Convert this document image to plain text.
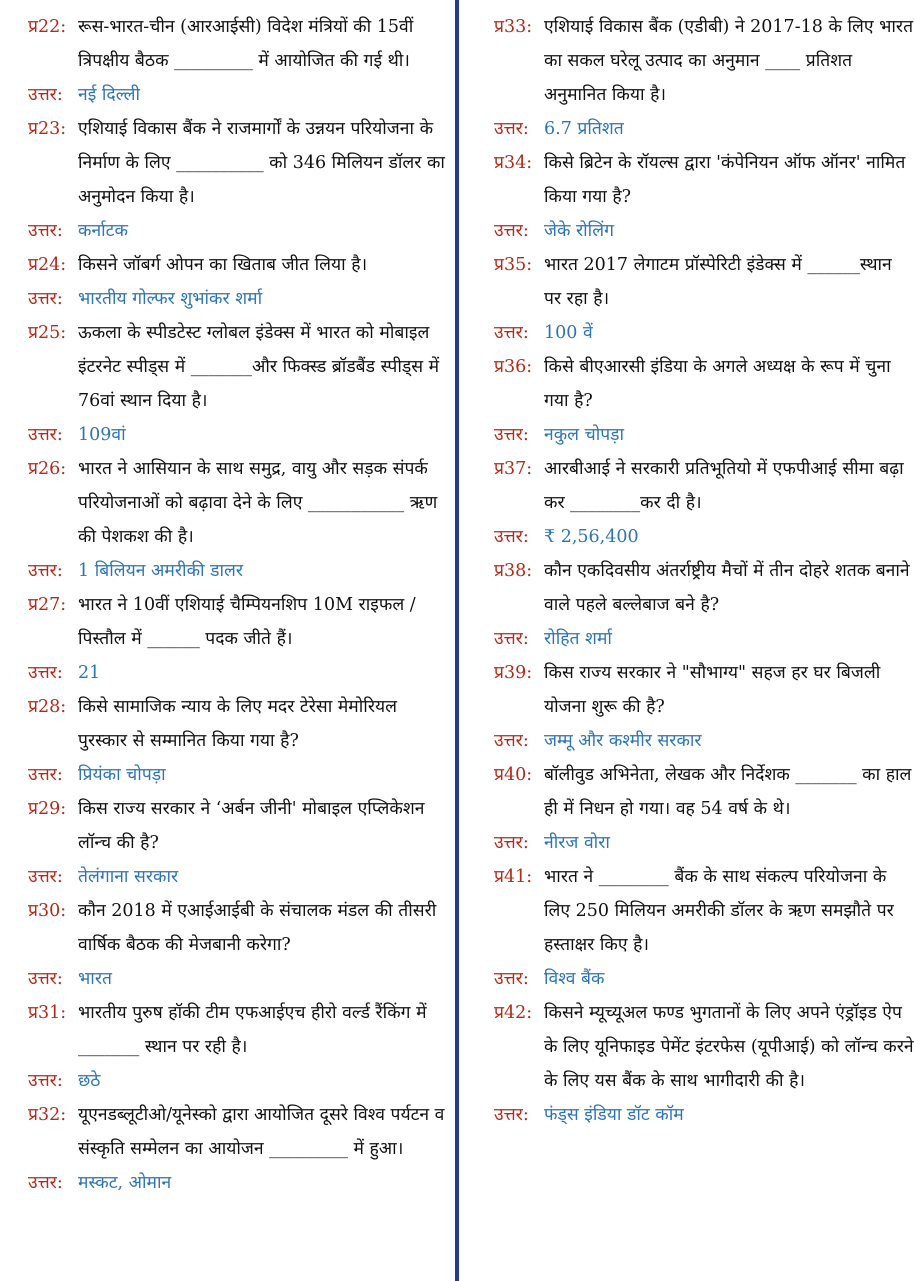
प्र22: रूस-भारत-चीन (आरआईसी) विदेश मंत्रियों की 15वीं त्रिपक्षीय बैठक _________ में आयोजित की गई थी।
उत्तर: नई दिल्ली
प्र23: एशियाई विकास बैंक ने राजमार्गों के उन्नयन परियोजना के निर्माण के लिए __________ को 346 मिलियन डॉलर का अनुमोदन किया है।
उत्तर: कर्नाटक
प्र24: किसने जॉबर्ग ओपन का खिताब जीत लिया है।
उत्तर: भारतीय गोल्फर शुभांकर शर्मा
प्र25: ऊकला के स्पीडटेस्ट ग्लोबल इंडेक्स में भारत को मोबाइल इंटरनेट स्पीड्स में _______और फिक्स्ड ब्रॉडबैंड स्पीड्स में 76वां स्थान दिया है।
उत्तर: 109वां
प्र26: भारत ने आसियान के साथ समुद्र, वायु और सड़क संपर्क परियोजनाओं को बढ़ावा देने के लिए ___________ ऋण की पेशकश की है।
उत्तर: 1 बिलियन अमरीकी डालर
प्र27: भारत ने 10वीं एशियाई चैम्पियनशिप 10M राइफल / पिस्तौल में ______ पदक जीते हैं।
उत्तर: 21
प्र28: किसे सामाजिक न्याय के लिए मदर टेरेसा मेमोरियल पुरस्कार से सम्मानित किया गया है?
उत्तर: प्रियंका चोपड़ा
प्र29: किस राज्य सरकार ने ‘अर्बन जीनी' मोबाइल एप्लिकेशन लॉन्च की है?
उत्तर: तेलंगाना सरकार
प्र30: कौन 2018 में एआईआईबी के संचालक मंडल की तीसरी वार्षिक बैठक की मेजबानी करेगा?
उत्तर: भारत
प्र31: भारतीय पुरुष हॉकी टीम एफआईएच हीरो वर्ल्ड रैंकिंग में _______ स्थान पर रही है।
उत्तर: छठे
प्र32: यूएनडब्लूटीओ/यूनेस्को द्वारा आयोजित दूसरे विश्व पर्यटन व संस्कृति सम्मेलन का आयोजन _________ में हुआ।
उत्तर: मस्कट, ओमान
प्र33: एशियाई विकास बैंक (एडीबी) ने 2017-18 के लिए भारत का सकल घरेलू उत्पाद का अनुमान ____ प्रतिशत अनुमानित किया है।
उत्तर: 6.7 प्रतिशत
प्र34: किसे ब्रिटेन के रॉयल्स द्वारा 'कंपेनियन ऑफ ऑनर' नामित किया गया है?
उत्तर: जेके रोलिंग
प्र35: भारत 2017 लेगाटम प्रॉस्पेरिटी इंडेक्स में ______स्थान पर रहा है।
उत्तर: 100 वें
प्र36: किसे बीएआरसी इंडिया के अगले अध्यक्ष के रूप में चुना गया है?
उत्तर: नकुल चोपड़ा
प्र37: आरबीआई ने सरकारी प्रतिभूतियो में एफपीआई सीमा बढ़ा कर ________कर दी है।
उत्तर: ₹ 2,56,400
प्र38: कौन एकदिवसीय अंतर्राष्ट्रीय मैचों में तीन दोहरे शतक बनाने वाले पहले बल्लेबाज बने है?
उत्तर: रोहित शर्मा
प्र39: किस राज्य सरकार ने "सौभाग्य" सहज हर घर बिजली योजना शुरू की है?
उत्तर: जम्मू और कश्मीर सरकार
प्र40: बॉलीवुड अभिनेता, लेखक और निर्देशक _______ का हाल ही में निधन हो गया। वह 54 वर्ष के थे।
उत्तर: नीरज वोरा
प्र41: भारत ने ________ बैंक के साथ संकल्प परियोजना के लिए 250 मिलियन अमरीकी डॉलर के ऋण समझौते पर हस्ताक्षर किए है।
उत्तर: विश्व बैंक
प्र42: किसने म्यूच्यूअल फण्ड भुगतानों के लिए अपने एंड्रॉइड ऐप के लिए यूनिफाइड पेमेंट इंटरफेस (यूपीआई) को लॉन्च करने के लिए यस बैंक के साथ भागीदारी की है।
उत्तर: फंड्स इंडिया डॉट कॉम
